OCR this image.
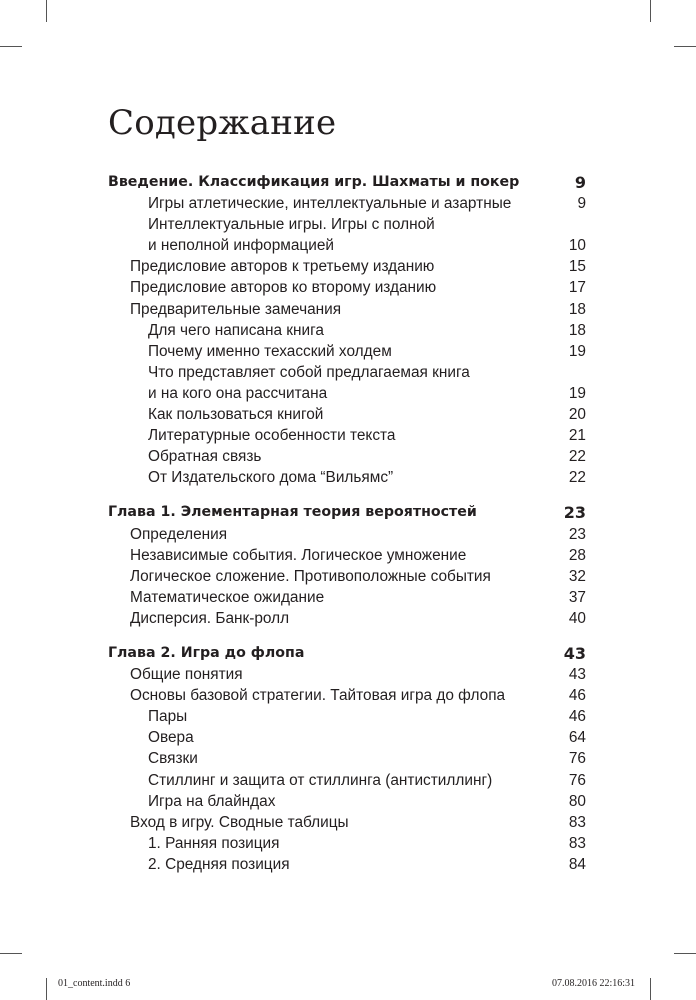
Содержание
Введение. Классификация игр. Шахматы и покер	9
Игры атлетические, интеллектуальные и азартные	9
Интеллектуальные игры. Игры с полной
и неполной информацией	10
Предисловие авторов к третьему изданию	15
Предисловие авторов ко второму изданию	17
Предварительные замечания	18
Для чего написана книга	18
Почему именно техасский холдем	19
Что представляет собой предлагаемая книга
и на кого она рассчитана	19
Как пользоваться книгой	20
Литературные особенности текста	21
Обратная связь	22
От Издательского дома “Вильямс”	22
Глава 1. Элементарная теория вероятностей	23
Определения	23
Независимые события. Логическое умножение	28
Логическое сложение. Противоположные события	32
Математическое ожидание	37
Дисперсия. Банк-ролл	40
Глава 2. Игра до флопа	43
Общие понятия	43
Основы базовой стратегии. Тайтовая игра до флопа	46
Пары	46
Овера	64
Связки	76
Стиллинг и защита от стиллинга (антистиллинг)	76
Игра на блайндах	80
Вход в игру. Сводные таблицы	83
1. Ранняя позиция	83
2. Средняя позиция	84
01_content.indd 6	07.08.2016 22:16:31
